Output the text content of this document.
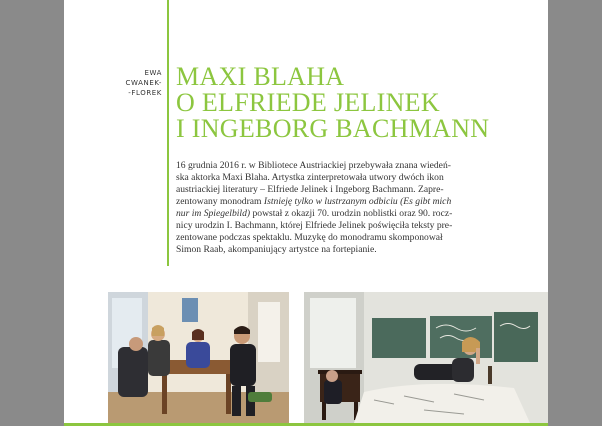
EWA
CWANEK-
-FLOREK
MAXI BLAHA
O ELFRIEDE JELINEK
I INGEBORG BACHMANN
16 grudnia 2016 r. w Bibliotece Austriackiej przebywała znana wiedeń-
ska aktorka Maxi Blaha. Artystka zinterpretowała utwory dwóch ikon
austriackiej literatury – Elfriede Jelinek i Ingeborg Bachmann. Zapre-
zentowany monodram Istnieję tylko w lustrzanym odbiciu (Es gibt mich
nur im Spiegelbild) powstał z okazji 70. urodzin noblistki oraz 90. rocz-
nicy urodzin I. Bachmann, której Elfriede Jelinek poświęciła teksty pre-
zentowane podczas spektaklu. Muzykę do monodramu skomponował
Simon Raab, akompaniujący artystce na fortepianie.
